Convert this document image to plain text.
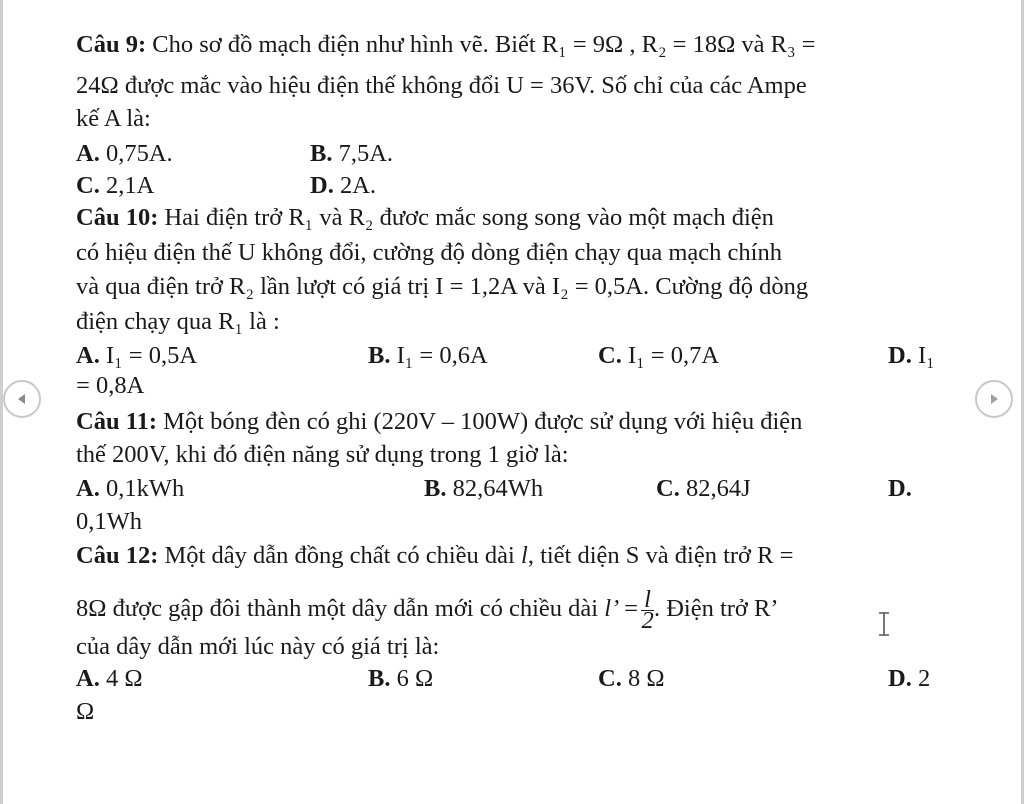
Câu 9: Cho sơ đồ mạch điện như hình vẽ. Biết R₁ = 9Ω , R₂ = 18Ω và R₃ =
24Ω được mắc vào hiệu điện thế không đổi U = 36V. Số chỉ của các Ampe
kế A là:
A. 0,75A.	B. 7,5A.
C. 2,1A	D. 2A.
Câu 10: Hai điện trở R₁ và R₂ đươc mắc song song vào một mạch điện
có hiệu điện thế U không đổi, cường độ dòng điện chạy qua mạch chính
và qua điện trở R₂ lần lượt có giá trị I = 1,2A và I₂ = 0,5A. Cường độ dòng
điện chạy qua R₁ là :
A. I₁ = 0,5A	B. I₁ = 0,6A	C. I₁ = 0,7A	D. I₁
= 0,8A
Câu 11: Một bóng đèn có ghi (220V – 100W) được sử dụng với hiệu điện
thế 200V, khi đó điện năng sử dụng trong 1 giờ là:
A. 0,1kWh	B. 82,64Wh	C. 82,64J	D.
0,1Wh
Câu 12: Một dây dẫn đồng chất có chiều dài l, tiết diện S và điện trở R =
8Ω được gập đôi thành một dây dẫn mới có chiều dài l’ = $\frac{l}{2}$ . Điện trở R’
của dây dẫn mới lúc này có giá trị là:
A. 4 Ω	B. 6 Ω	C. 8 Ω	D. 2
Ω
